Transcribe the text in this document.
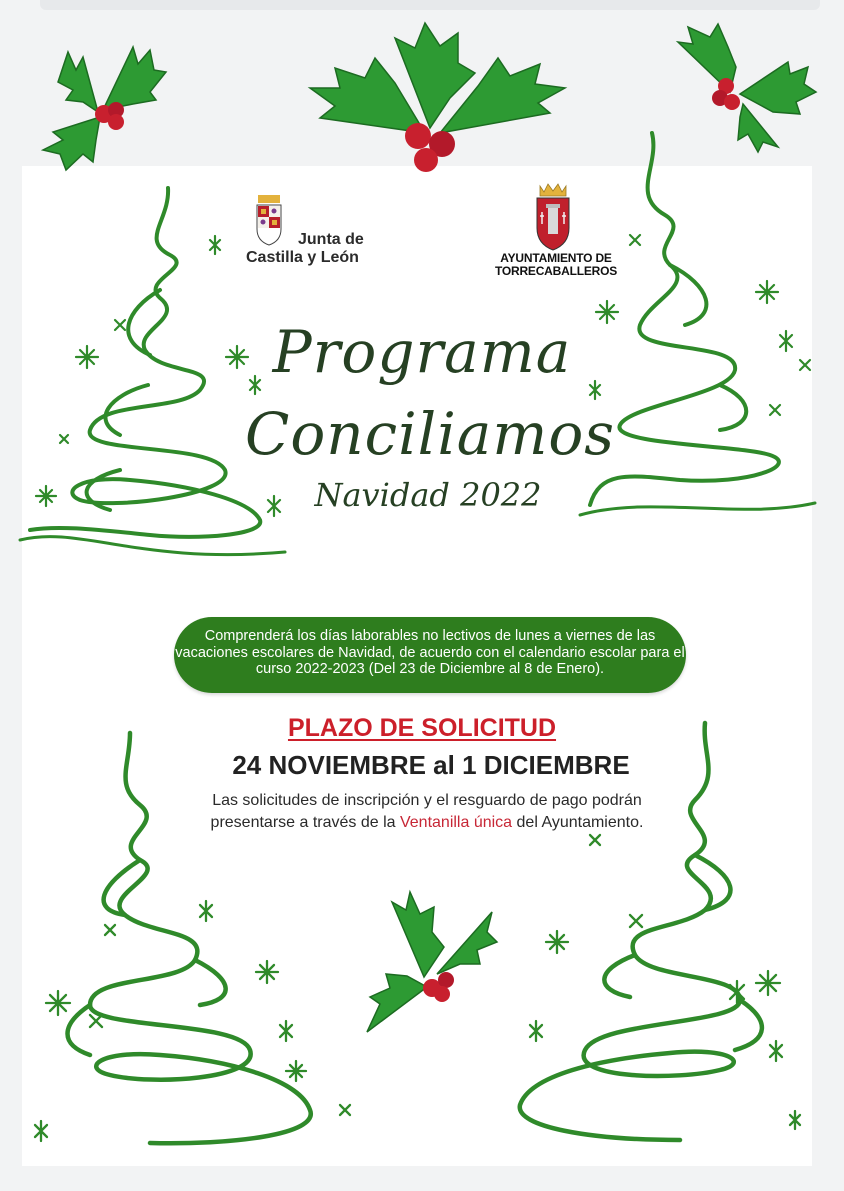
Junta de
Castilla y León	AYUNTAMIENTO DE
TORRECABALLEROS
Programa
Conciliamos
Navidad 2022
Comprenderá los días laborables no lectivos de lunes a viernes de las vacaciones escolares de Navidad, de acuerdo con el calendario escolar para el curso 2022-2023 (Del 23 de Diciembre al 8 de Enero).
PLAZO DE SOLICITUD
24 NOVIEMBRE al 1 DICIEMBRE
Las solicitudes de inscripción y el resguardo de pago podrán presentarse a través de la Ventanilla única del Ayuntamiento.
